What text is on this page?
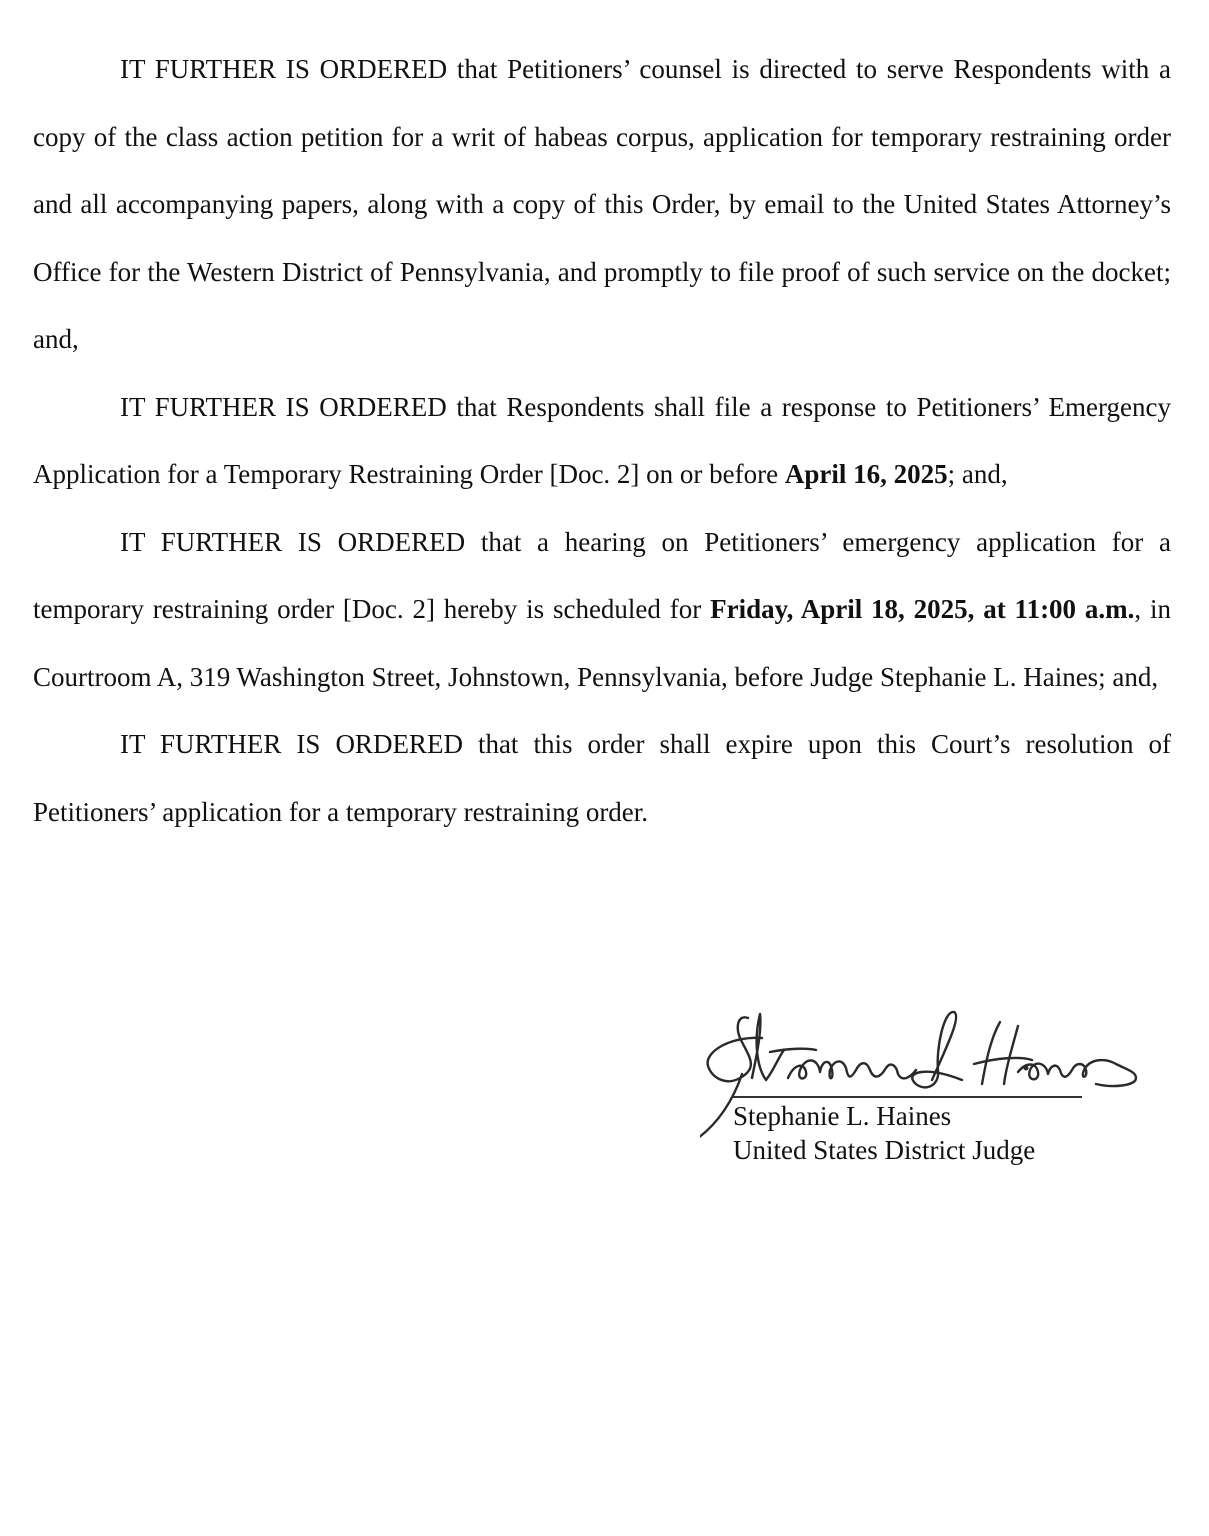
IT FURTHER IS ORDERED that Petitioners’ counsel is directed to serve Respondents with a copy of the class action petition for a writ of habeas corpus, application for temporary restraining order and all accompanying papers, along with a copy of this Order, by email to the United States Attorney’s Office for the Western District of Pennsylvania, and promptly to file proof of such service on the docket; and,

IT FURTHER IS ORDERED that Respondents shall file a response to Petitioners’ Emergency Application for a Temporary Restraining Order [Doc. 2] on or before April 16, 2025; and,

IT FURTHER IS ORDERED that a hearing on Petitioners’ emergency application for a temporary restraining order [Doc. 2] hereby is scheduled for Friday, April 18, 2025, at 11:00 a.m., in Courtroom A, 319 Washington Street, Johnstown, Pennsylvania, before Judge Stephanie L. Haines; and,

IT FURTHER IS ORDERED that this order shall expire upon this Court’s resolution of Petitioners’ application for a temporary restraining order.

Stephanie L. Haines
United States District Judge
